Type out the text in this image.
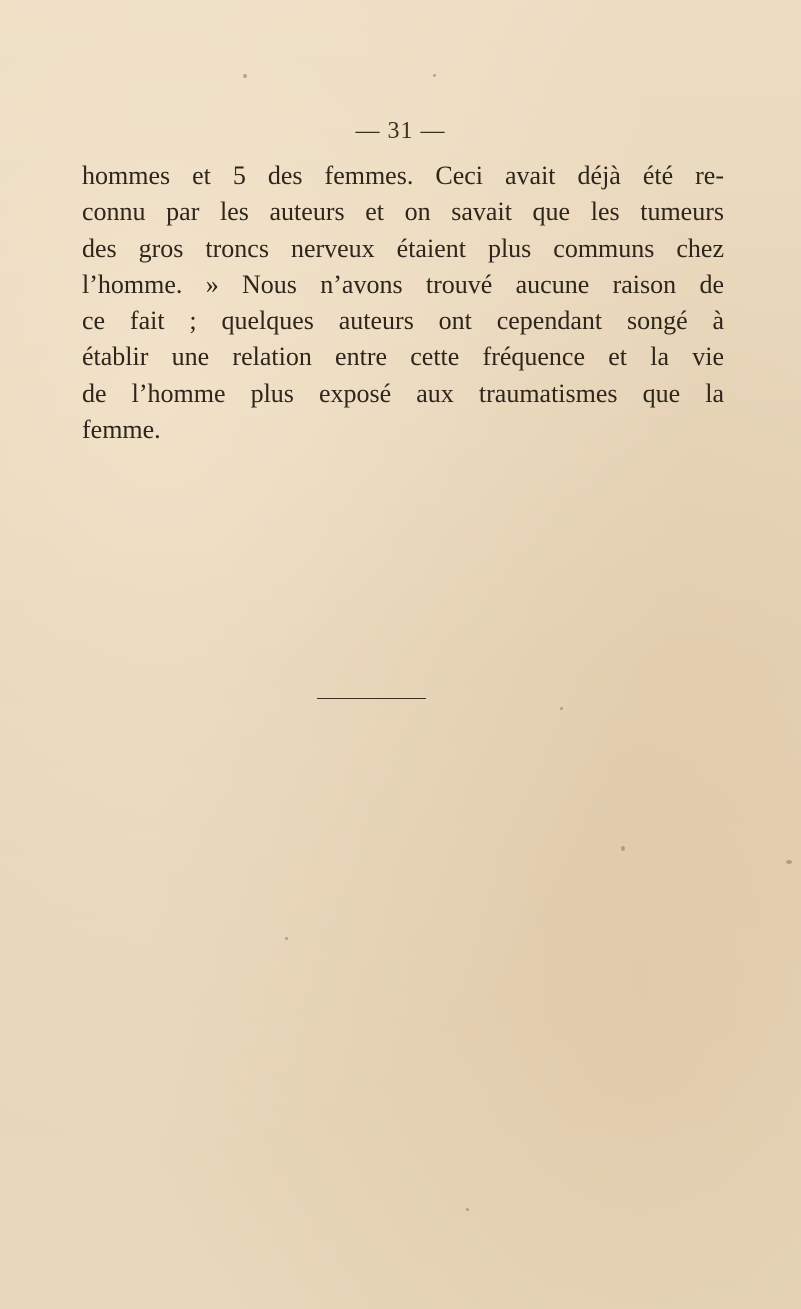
— 31 —
hommes et 5 des femmes. Ceci avait déjà été re-
connu par les auteurs et on savait que les tumeurs
des gros troncs nerveux étaient plus communs chez
l’homme. » Nous n’avons trouvé aucune raison de
ce fait ; quelques auteurs ont cependant songé à
établir une relation entre cette fréquence et la vie
de l’homme plus exposé aux traumatismes que la
femme.
